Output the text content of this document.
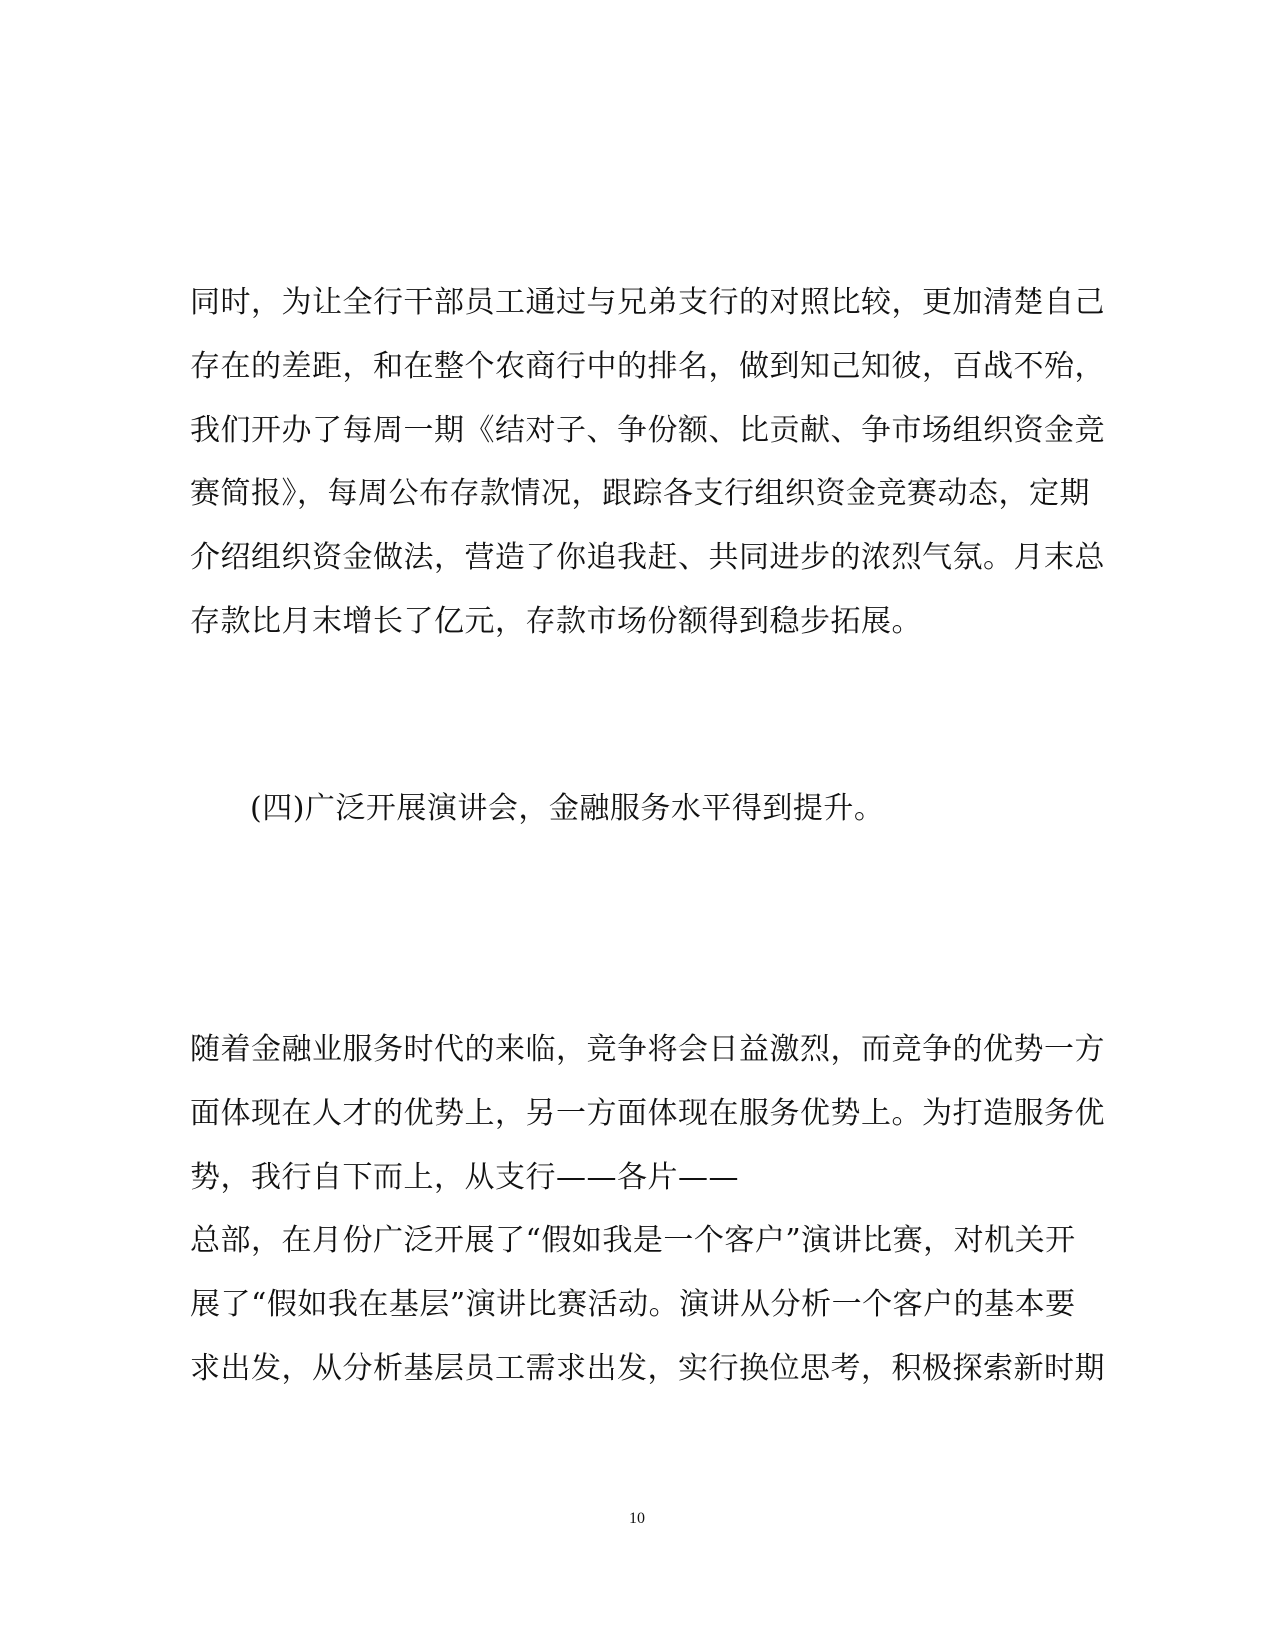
同时，为让全行干部员工通过与兄弟支行的对照比较，更加清楚自己
存在的差距，和在整个农商行中的排名，做到知己知彼，百战不殆，
我们开办了每周一期《结对子、争份额、比贡献、争市场组织资金竞
赛简报》，每周公布存款情况，跟踪各支行组织资金竞赛动态，定期
介绍组织资金做法，营造了你追我赶、共同进步的浓烈气氛。月末总
存款比月末增长了亿元，存款市场份额得到稳步拓展。
(四)广泛开展演讲会，金融服务水平得到提升。
随着金融业服务时代的来临，竞争将会日益激烈，而竞争的优势一方
面体现在人才的优势上，另一方面体现在服务优势上。为打造服务优
势，我行自下而上，从支行——各片——
总部，在月份广泛开展了“假如我是一个客户”演讲比赛，对机关开
展了“假如我在基层”演讲比赛活动。演讲从分析一个客户的基本要
求出发，从分析基层员工需求出发，实行换位思考，积极探索新时期
10
